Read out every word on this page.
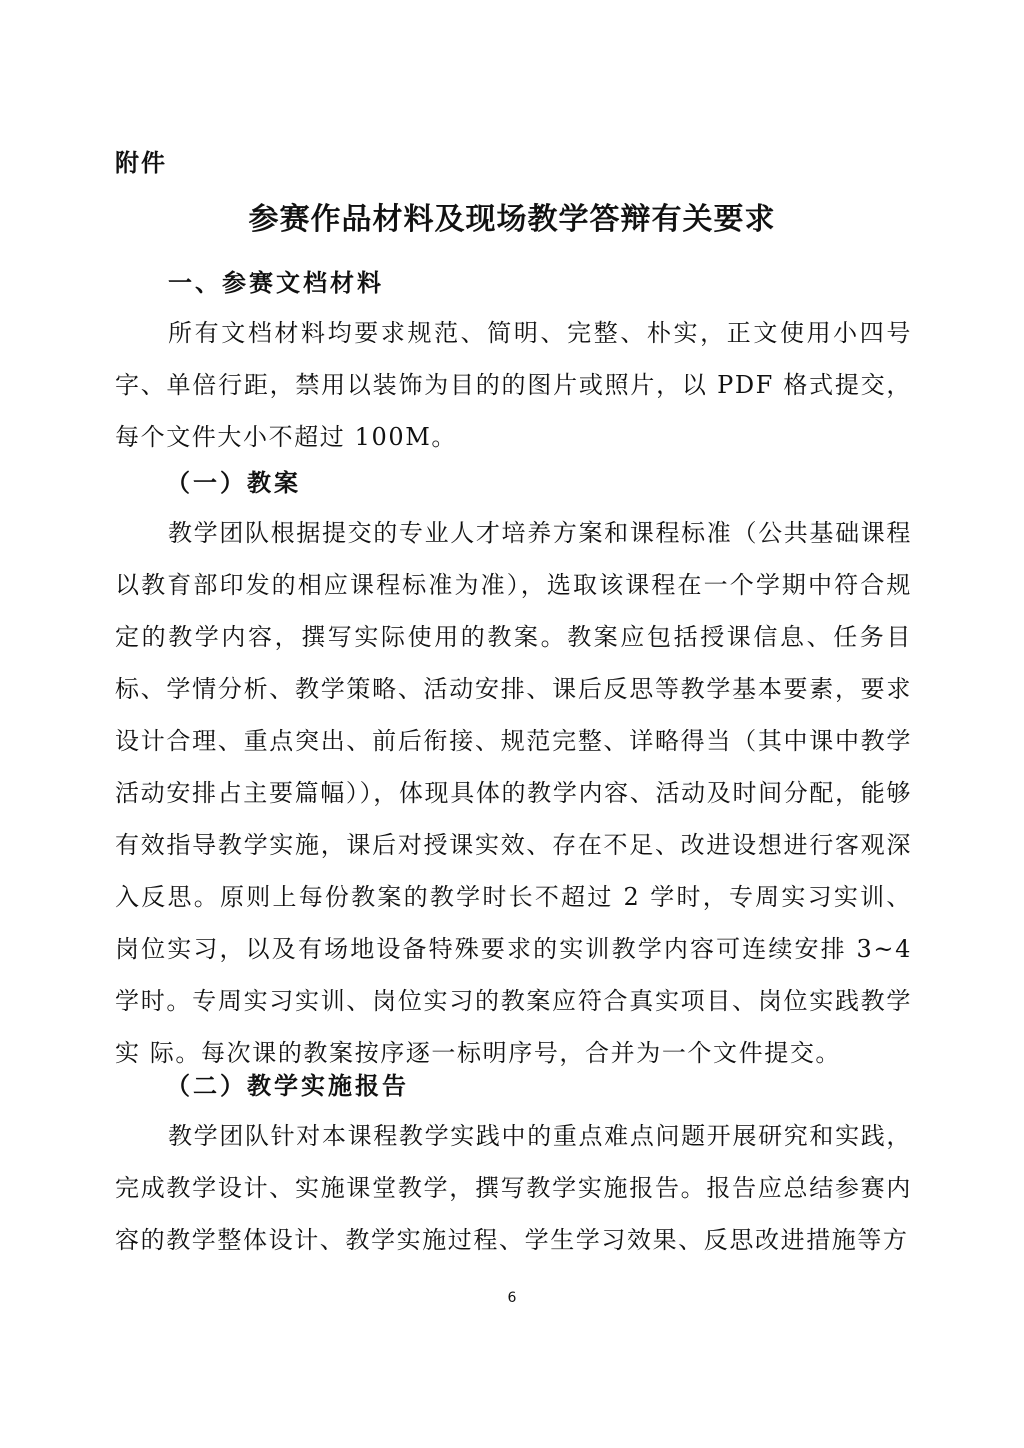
附件
参赛作品材料及现场教学答辩有关要求
一、参赛文档材料
所有文档材料均要求规范、简明、完整、朴实，正文使用小四号字、单倍行距，禁用以装饰为目的的图片或照片，以 PDF 格式提交，每个文件大小不超过 100M。
（一）教案
教学团队根据提交的专业人才培养方案和课程标准（公共基础课程以教育部印发的相应课程标准为准），选取该课程在一个学期中符合规定的教学内容，撰写实际使用的教案。教案应包括授课信息、任务目标、学情分析、教学策略、活动安排、课后反思等教学基本要素，要求设计合理、重点突出、前后衔接、规范完整、详略得当（其中课中教学活动安排占主要篇幅）），体现具体的教学内容、活动及时间分配，能够有效指导教学实施，课后对授课实效、存在不足、改进设想进行客观深入反思。原则上每份教案的教学时长不超过 2 学时，专周实习实训、岗位实习，以及有场地设备特殊要求的实训教学内容可连续安排 3~4 学时。专周实习实训、岗位实习的教案应符合真实项目、岗位实践教学实 际。每次课的教案按序逐一标明序号，合并为一个文件提交。
（二）教学实施报告
教学团队针对本课程教学实践中的重点难点问题开展研究和实践，完成教学设计、实施课堂教学，撰写教学实施报告。报告应总结参赛内容的教学整体设计、教学实施过程、学生学习效果、反思改进措施等方
6
